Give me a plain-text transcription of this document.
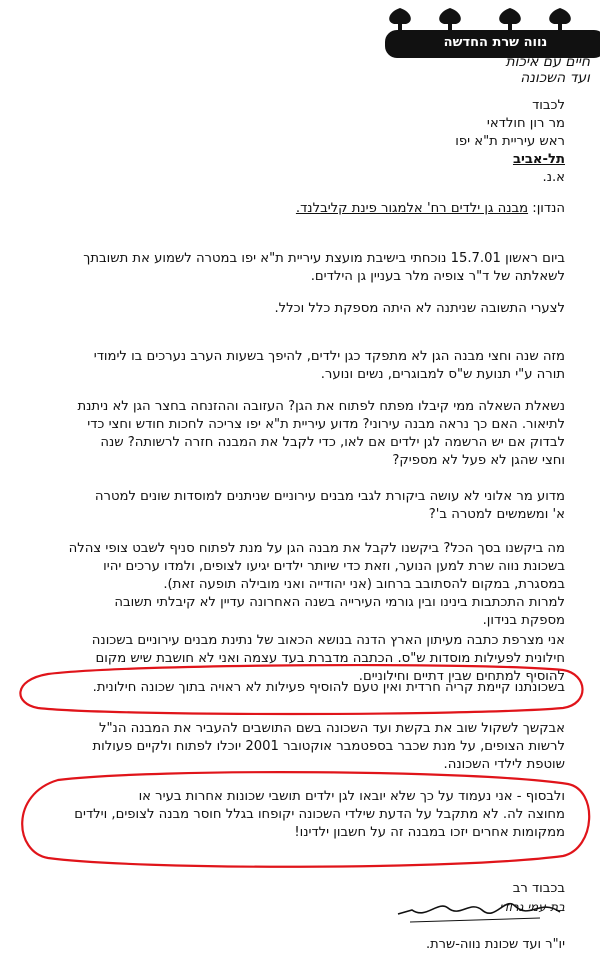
נווה שרת החדשה
חיים עם איכות
ועד השכונה
לכבוד
מר רון חולדאי
ראש עיריית ת"א יפו
תל-אביב
א.נ.
הנדון: מבנה גן ילדים רח' אלמגור פינת קליבלנד.
ביום ראשון 15.7.01 נוכחתי בישיבת מועצת עיריית ת"א יפו במטרה לשמוע את תשובתך
לשאלתה של ד"ר צופיה מלר בעניין גן הילדים.
לצערי התשובה שניתנה לא היתה מספקת כלל וכלל.
מזה שנה וחצי מבנה הגן לא מתפקד כגן ילדים, להיפך בשעות הערב נערכים בו לימודי
תורה ע"י תנועת ש"ס למבוגרים, נשים ונוער.
נשאלת השאלה ממי קיבלו מפתח לפתוח את הגן? העזובה וההזנחה בחצר הגן לא ניתנת
לתיאור. האם כך נראה מבנה עירוני? מדוע עיריית ת"א יפו צריכה לחכות חודש וחצי כדי
לבדוק אם יש הרשמה לגן ילדים אם לאו, כדי לקבל את המבנה חזרה לרשותה? שנה
וחצי שהגן לא פעל לא מספיק?
מדוע מר אלוני לא עושה ביקורת לגבי מבנים עירוניים שניתנים למוסדות שונים למטרה
א' ומשמשים למטרה ב'?
מה ביקשנו בסך הכל? ביקשנו לקבל את מבנה הגן על מנת לפתוח סניף לשבט צופי צהלה
בשכונת נווה שרת למען הנוער, וזאת כדי שיותר ילדים יגיעו לצופים, ולמדו ערכים יהיו
במסגרת, במקום להסתובב ברחוב (אני יהודייה ואני מובילה תופעה זאת).
למרות התכתבות בינינו ובין גורמי העירייה בשנה האחרונה עדיין לא קיבלתי תשובה
מספקת בנידון.
אני מצרפת כתבה מעיתון הארץ הדנה בנושא הכאוב של נתינת מבנים עירוניים בשכונה
חילונית לפעילות מוסדות ש"ס. הכתבה מדברת בעד עצמה ואני לא חושבת שיש מקום
להוסיף למתחים שבין דתיים וחילוניים.
בשכונתנו קיימת קריה חרדית ואין טעם להוסיף פעילות לא ראויה בתוך שכונה חילונית.
אבקשך לשקול שוב את בקשת ועד השכונה בשם התושבים להעביר את המבנה הנ"ל
לרשות הצופים, על מנת שכבר בספטמבר אוקטובר 2001 יוכלו לפתוח ולקיים פעולות
שוטפת לילדי השכונה.
ולבסוף - אני נעמוד על כך שלא יובאו לגן ילדים תושבי שכונות אחרות בעיר או
מחוצה לה. לא מתקבל על הדעת שילדי השכונה יקופחו בגלל חוסר מבנה לצופים, וילדים
ממקומות אחרים יזכו במבנה זה על חשבון ילדינו!
בכבוד רב
בת-עמי גרודי
יו"ר ועד שכונת נווה-שרת.
